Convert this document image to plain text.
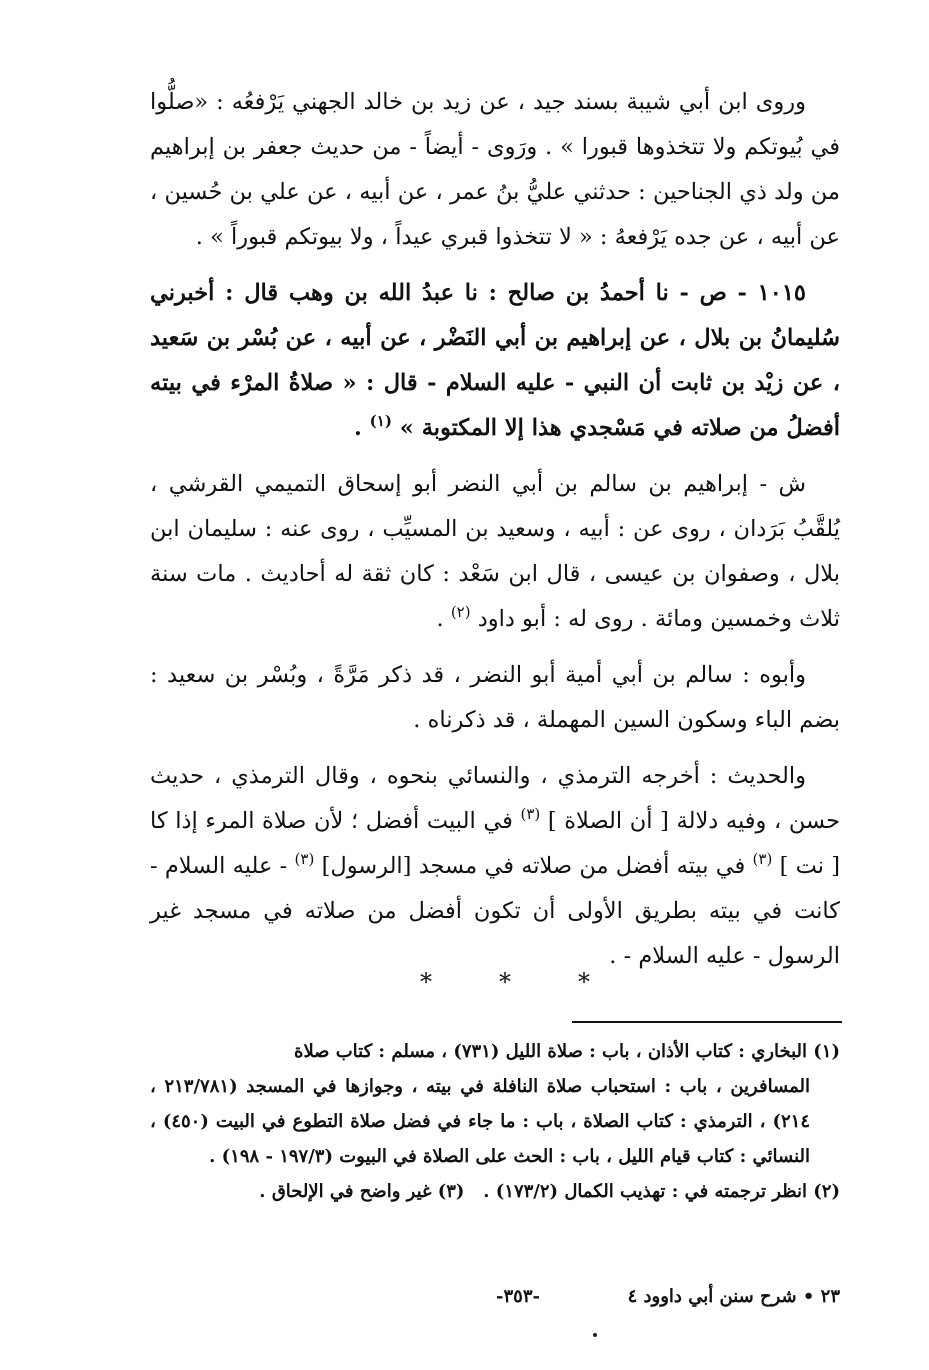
وروى ابن أبي شيبة بسند جيد ، عن زيد بن خالد الجهني يَرْفعُه : «صلُّوا في بُيوتكم ولا تتخذوها قبورا » . ورَوى - أيضاً - من حديث جعفر بن إبراهيم من ولد ذي الجناحين : حدثني عليُّ بنُ عمر ، عن أبيه ، عن علي بن حُسين ، عن أبيه ، عن جده يَرْفعهُ : « لا تتخذوا قبري عيداً ، ولا بيوتكم قبوراً » .

١٠١٥ - ص - نا أحمدُ بن صالح : نا عبدُ الله بن وهب قال : أخبرني سُليمانُ بن بلال ، عن إبراهيم بن أبي النَضْر ، عن أبيه ، عن بُسْر بن سَعيد ، عن زيْد بن ثابت أن النبي - عليه السلام - قال : « صلاةُ المرْء في بيته أفضلُ من صلاته في مَسْجدي هذا إلا المكتوبة » $^{(١)}$ .

ش - إبراهيم بن سالم بن أبي النضر أبو إسحاق التميمي القرشي ، يُلقَّبُ بَرَدان ، روى عن : أبيه ، وسعيد بن المسيِّب ، روى عنه : سليمان ابن بلال ، وصفوان بن عيسى ، قال ابن سَعْد : كان ثقة له أحاديث . مات سنة ثلاث وخمسين ومائة . روى له : أبو داود $^{(٢)}$ .

وأبوه : سالم بن أبي أمية أبو النضر ، قد ذكر مَرَّةً ، وبُسْر بن سعيد : بضم الباء وسكون السين المهملة ، قد ذكرناه .

والحديث : أخرجه الترمذي ، والنسائي بنحوه ، وقال الترمذي ، حديث حسن ، وفيه دلالة [ أن الصلاة ] $^{(٣)}$ في البيت أفضل ؛ لأن صلاة المرء إذا كا [ نت ] $^{(٣)}$ في بيته أفضل من صلاته في مسجد [الرسول] $^{(٣)}$ - عليه السلام - كانت في بيته بطريق الأولى أن تكون أفضل من صلاته في مسجد غير الرسول - عليه السلام - .

*	*	*

(١) البخاري : كتاب الأذان ، باب : صلاة الليل (٧٣١) ، مسلم : كتاب صلاة
المسافرين ، باب : استحباب صلاة النافلة في بيته ، وجوازها في المسجد (٢١٣/٧٨١ ، ٢١٤) ، الترمذي : كتاب الصلاة ، باب : ما جاء في فضل صلاة التطوع في البيت (٤٥٠) ، النسائي : كتاب قيام الليل ، باب : الحث على الصلاة في البيوت (١٩٧/٣ - ١٩٨) .

(٢) انظر ترجمته في : تهذيب الكمال (١٧٣/٢) .   (٣) غير واضح في الإلحاق .

٢٣ • شرح سنن أبي داوود ٤
-٣٥٣-
